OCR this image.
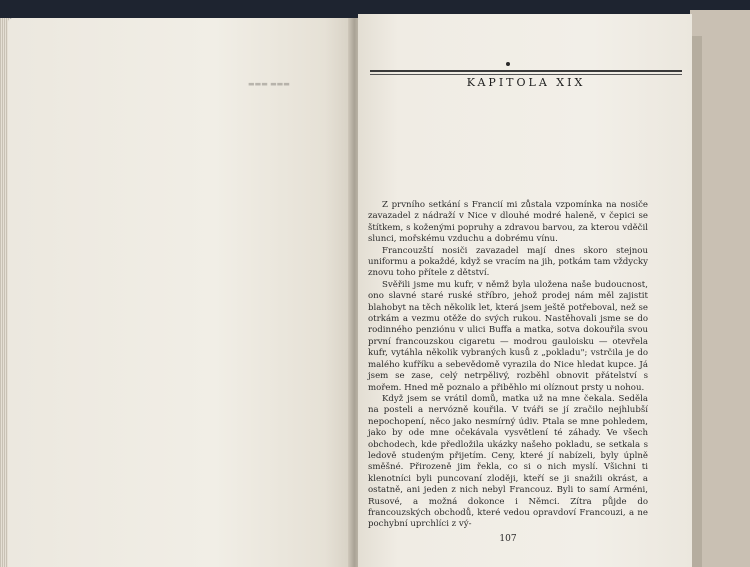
▬▬▬ ▬▬▬	KAPITOLA XIX

Z prvního setkání s Francií mi zůstala vzpomínka na nosiče zavazadel z nádraží v Nice v dlouhé modré haleně, v čepici se štítkem, s koženými popruhy a zdravou barvou, za kterou vděčil slunci, mořskému vzduchu a dobrému vínu.

Francouzští nosiči zavazadel mají dnes skoro stejnou uniformu a pokaždé, když se vracím na jih, potkám tam vždycky znovu toho přítele z dětství.

Svěřili jsme mu kufr, v němž byla uložena naše budoucnost, ono slavné staré ruské stříbro, jehož prodej nám měl zajistit blahobyt na těch několik let, která jsem ještě potřeboval, než se otrkám a vezmu otěže do svých rukou. Nastěhovali jsme se do rodinného penziónu v ulici Buffa a matka, sotva dokouřila svou první francouzskou cigaretu — modrou gauloisku — otevřela kufr, vytáhla několik vybraných kusů z „pokladu"; vstrčila je do malého kufříku a sebevědomě vyrazila do Nice hledat kupce. Já jsem se zase, celý netrpělivý, rozběhl obnovit přátelství s mořem. Hned mě poznalo a přiběhlo mi olíznout prsty u nohou.

Když jsem se vrátil domů, matka už na mne čekala. Seděla na posteli a nervózně kouřila. V tváři se jí zračilo nejhlubší nepochopení, něco jako nesmírný údiv. Ptala se mne pohledem, jako by ode mne očekávala vysvětlení té záhady. Ve všech obchodech, kde předložila ukázky našeho pokladu, se setkala s ledově studeným přijetím. Ceny, které jí nabízeli, byly úplně směšné. Přirozeně jim řekla, co si o nich myslí. Všichni ti klenotníci byli puncovaní zloději, kteří se ji snažili okrást, a ostatně, ani jeden z nich nebyl Francouz. Byli to samí Arméni, Rusové, a možná dokonce i Němci. Zítra půjde do francouzských obchodů, které vedou opravdoví Francouzi, a ne pochybní uprchlíci z vý-

107
